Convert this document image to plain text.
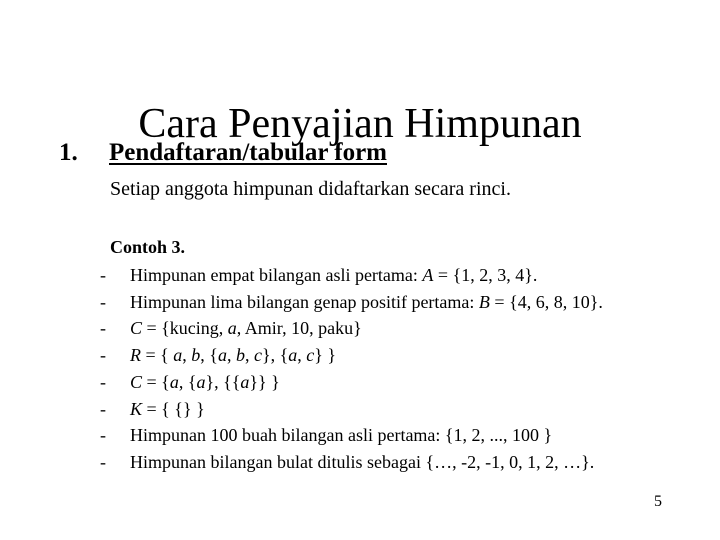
Cara Penyajian Himpunan
1. Pendaftaran/tabular form
Setiap anggota himpunan didaftarkan secara rinci.
Contoh 3.
- Himpunan empat bilangan asli pertama: A = {1, 2, 3, 4}.
- Himpunan lima bilangan genap positif pertama: B = {4, 6, 8, 10}.
- C = {kucing, a, Amir, 10, paku}
- R = { a, b, {a, b, c}, {a, c} }
- C = {a, {a}, {{a}} }
- K = { {} }
- Himpunan 100 buah bilangan asli pertama: {1, 2, ..., 100 }
- Himpunan bilangan bulat ditulis sebagai {…, -2, -1, 0, 1, 2, …}.
5
